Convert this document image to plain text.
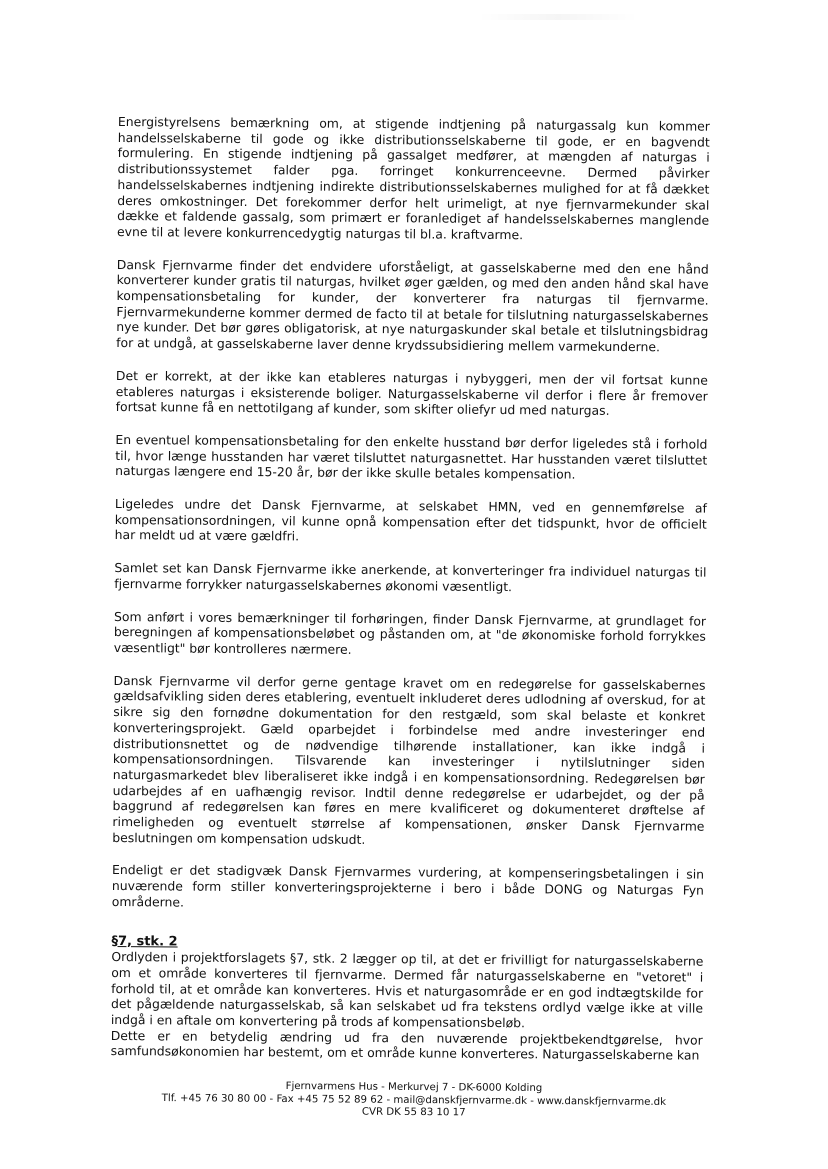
Energistyrelsens bemærkning om, at stigende indtjening på naturgassalg kun kommer handelsselskaberne til gode og ikke distributionsselskaberne til gode, er en bagvendt formulering. En stigende indtjening på gassalget medfører, at mængden af naturgas i distributionssystemet falder pga. forringet konkurrenceevne. Dermed påvirker handelsselskabernes indtjening indirekte distributionsselskabernes mulighed for at få dækket deres omkostninger. Det forekommer derfor helt urimeligt, at nye fjernvarmekunder skal dække et faldende gassalg, som primært er foranlediget af handelsselskabernes manglende evne til at levere konkurrencedygtig naturgas til bl.a. kraftvarme.

Dansk Fjernvarme finder det endvidere uforståeligt, at gasselskaberne med den ene hånd konverterer kunder gratis til naturgas, hvilket øger gælden, og med den anden hånd skal have kompensationsbetaling for kunder, der konverterer fra naturgas til fjernvarme. Fjernvarmekunderne kommer dermed de facto til at betale for tilslutning naturgasselskabernes nye kunder. Det bør gøres obligatorisk, at nye naturgaskunder skal betale et tilslutningsbidrag for at undgå, at gasselskaberne laver denne krydssubsidiering mellem varmekunderne.

Det er korrekt, at der ikke kan etableres naturgas i nybyggeri, men der vil fortsat kunne etableres naturgas i eksisterende boliger. Naturgasselskaberne vil derfor i flere år fremover fortsat kunne få en nettotilgang af kunder, som skifter oliefyr ud med naturgas.

En eventuel kompensationsbetaling for den enkelte husstand bør derfor ligeledes stå i forhold til, hvor længe husstanden har været tilsluttet naturgasnettet. Har husstanden været tilsluttet naturgas længere end 15-20 år, bør der ikke skulle betales kompensation.

Ligeledes undre det Dansk Fjernvarme, at selskabet HMN, ved en gennemførelse af kompensationsordningen, vil kunne opnå kompensation efter det tidspunkt, hvor de officielt har meldt ud at være gældfri.

Samlet set kan Dansk Fjernvarme ikke anerkende, at konverteringer fra individuel naturgas til fjernvarme forrykker naturgasselskabernes økonomi væsentligt.

Som anført i vores bemærkninger til forhøringen, finder Dansk Fjernvarme, at grundlaget for beregningen af kompensationsbeløbet og påstanden om, at "de økonomiske forhold forrykkes væsentligt" bør kontrolleres nærmere.

Dansk Fjernvarme vil derfor gerne gentage kravet om en redegørelse for gasselskabernes gældsafvikling siden deres etablering, eventuelt inkluderet deres udlodning af overskud, for at sikre sig den fornødne dokumentation for den restgæld, som skal belaste et konkret konverteringsprojekt. Gæld oparbejdet i forbindelse med andre investeringer end distributionsnettet og de nødvendige tilhørende installationer, kan ikke indgå i kompensationsordningen. Tilsvarende kan investeringer i nytilslutninger siden naturgasmarkedet blev liberaliseret ikke indgå i en kompensationsordning. Redegørelsen bør udarbejdes af en uafhængig revisor. Indtil denne redegørelse er udarbejdet, og der på baggrund af redegørelsen kan føres en mere kvalificeret og dokumenteret drøftelse af rimeligheden og eventuelt størrelse af kompensationen, ønsker Dansk Fjernvarme beslutningen om kompensation udskudt.

Endeligt er det stadigvæk Dansk Fjernvarmes vurdering, at kompenseringsbetalingen i sin nuværende form stiller konverteringsprojekterne i bero i både DONG og Naturgas Fyn områderne.

§7, stk. 2

Ordlyden i projektforslagets §7, stk. 2 lægger op til, at det er frivilligt for naturgasselskaberne om et område konverteres til fjernvarme. Dermed får naturgasselskaberne en "vetoret" i forhold til, at et område kan konverteres. Hvis et naturgasområde er en god indtægtskilde for det pågældende naturgasselskab, så kan selskabet ud fra tekstens ordlyd vælge ikke at ville indgå i en aftale om konvertering på trods af kompensationsbeløb.

Dette er en betydelig ændring ud fra den nuværende projektbekendtgørelse, hvor samfundsøkonomien har bestemt, om et område kunne konverteres. Naturgasselskaberne kan

Fjernvarmens Hus - Merkurvej 7 - DK-6000 Kolding
Tlf. +45 76 30 80 00 - Fax +45 75 52 89 62 - mail@danskfjernvarme.dk - www.danskfjernvarme.dk
CVR DK 55 83 10 17
